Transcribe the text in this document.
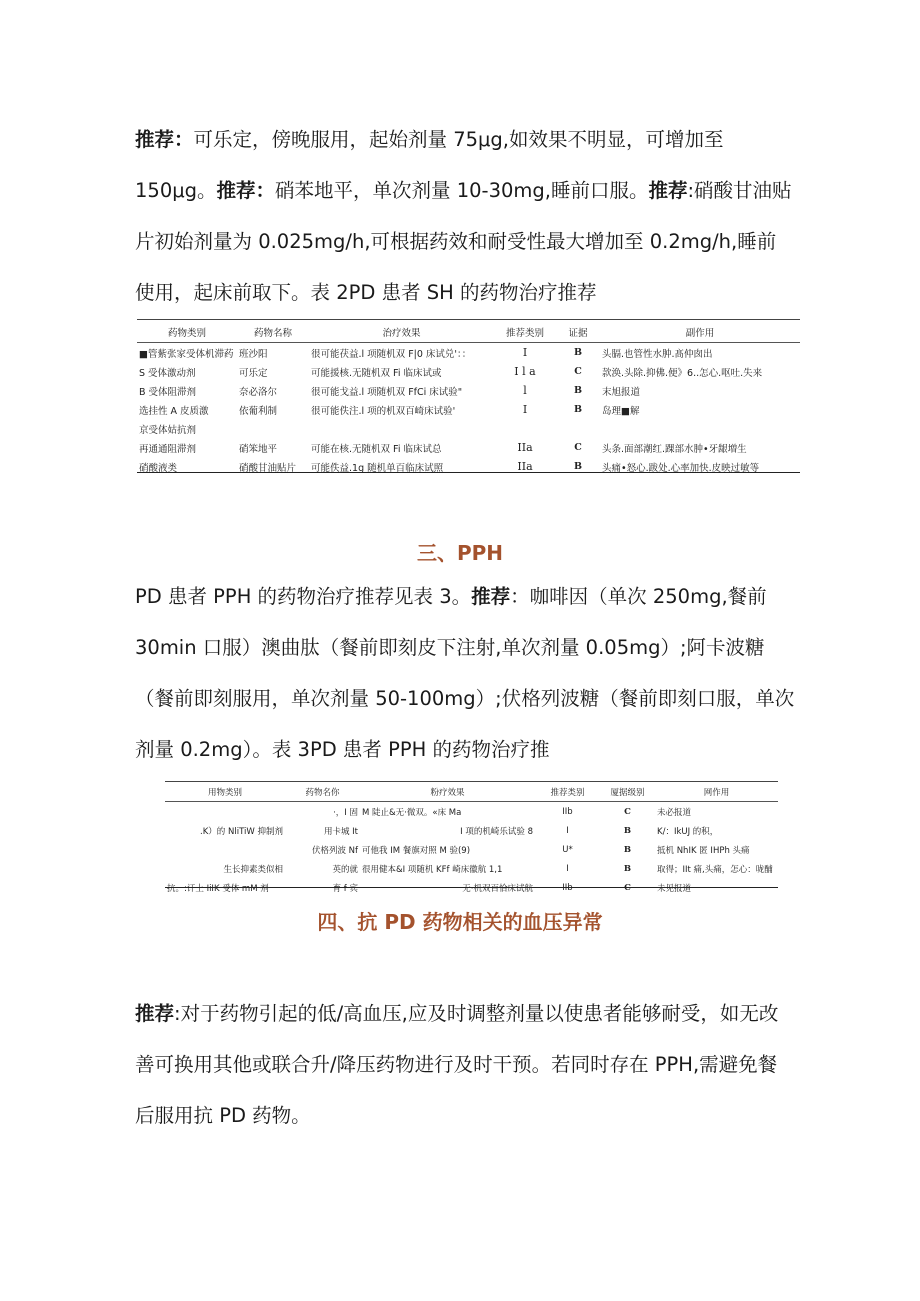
推荐：可乐定，傍晚服用，起始剂量 75μg,如效果不明显，可增加至150μg。推荐：硝苯地平，单次剂量 10-30mg,睡前口服。推荐:硝酸甘油贴片初始剂量为 0.025mg/h,可根据药效和耐受性最大增加至 0.2mg/h,睡前使用，起床前取下。表 2PD 患者 SH 的药物治疗推荐

药物类别	药物名称	治疗效果	推荐类别	证据	副作用
■管紫张家受体机滞药	班沙阳	很可能茯益.l 项随机双 F|0 床试兑'：：	I	B	头膈.也管性水肿.髙仲囱出
S 受体激动剂	可乐定	可能援核.无随机双 Fi 临床试或	I l a	C	款涣.头除.抑佛.便》6..怎心.呕吐.失来
B 受体阻滞剂	奈必洛尔	很可能戈益.l 项随机双 FfCi 床试验"	l	B	末旭报道
选挂性 A 皮质激	依葡利制	很可能佚注.l 项的机双百崎床试验'	I	B	岛理■解
京受体姑抗剂					
再通通阻滞剂	硝笨地平	可能在核.无随机双 Fi 临床试总	IIa	C	头条.面部潮红.踝部水肿•牙龈増生
硝酸液类	硝酸甘油贴片	可能佚益.1g 随机单百临床试照	IIa	B	头痛•怒心.跋处.心率加快.皮映过敏等
三、PPH

PD 患者 PPH 的药物治疗推荐见表 3。推荐：咖啡因（单次 250mg,餐前30min 口服）澳曲肽（餐前即刻皮下注射,单次剂量 0.05mg）;阿卡波糖（餐前即刻服用，单次剂量 50-100mg）;伏格列波糖（餐前即刻口服，单次剂量 0.2mg）。表 3PD 患者 PPH 的药物治疗推

用物类别	药物名你	粉疗效果	推荐类别	厦据级别	网作用
	·，I 固	M 陡止&无·微双。«床 Ma	IIb	C	未必报道
.K）的 NliTiW 抑制剂	用卡城 It	I 项的机崎乐试验 8	I	B	K/：IkUJ 的积，
	伏格列波 Nf	可他我 IM 餐旗对照 M 验(9)	U*	B	抵机 NhIK 匿 IHPh 头痛
生长抑素类似相	英的就	很用健本&I 项随机 KFf 崎床徽航 1,1	I	B	取得；IIt 痛,头痛，怎心：咙酺
抗。:讦上 IiIK 受体 mM 剂	育 f 宾	无·机双百恰床试航	IIb	C	未见报道
四、抗 PD 药物相关的血压异常

推荐:对于药物引起的低/高血压,应及时调整剂量以使患者能够耐受，如无改善可换用其他或联合升/降压药物进行及时干预。若同时存在 PPH,需避免餐后服用抗 PD 药物。
